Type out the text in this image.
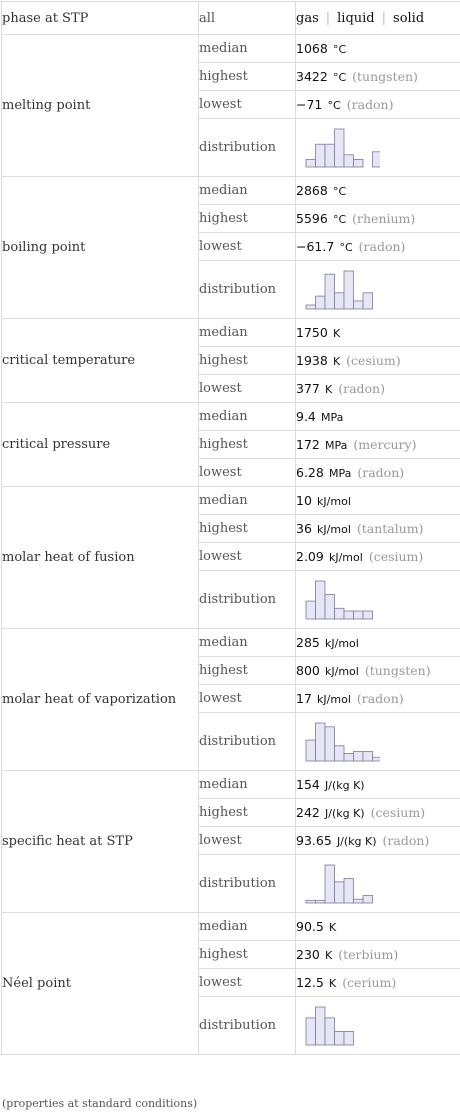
phase at STP	all	gas | liquid | solid
melting point	median	1068 °C
	highest	3422 °C (tungsten)
	lowest	−71 °C (radon)
	distribution	

boiling point	median	2868 °C
	highest	5596 °C (rhenium)
	lowest	−61.7 °C (radon)
	distribution	

critical temperature	median	1750 K
	highest	1938 K (cesium)
	lowest	377 K (radon)
critical pressure	median	9.4 MPa
	highest	172 MPa (mercury)
	lowest	6.28 MPa (radon)
molar heat of fusion	median	10 kJ/mol
	highest	36 kJ/mol (tantalum)
	lowest	2.09 kJ/mol (cesium)
	distribution	

molar heat of vaporization	median	285 kJ/mol
	highest	800 kJ/mol (tungsten)
	lowest	17 kJ/mol (radon)
	distribution	

specific heat at STP	median	154 J/(kg K)
	highest	242 J/(kg K) (cesium)
	lowest	93.65 J/(kg K) (radon)
	distribution	

Néel point	median	90.5 K
	highest	230 K (terbium)
	lowest	12.5 K (cerium)
	distribution	
(properties at standard conditions)
